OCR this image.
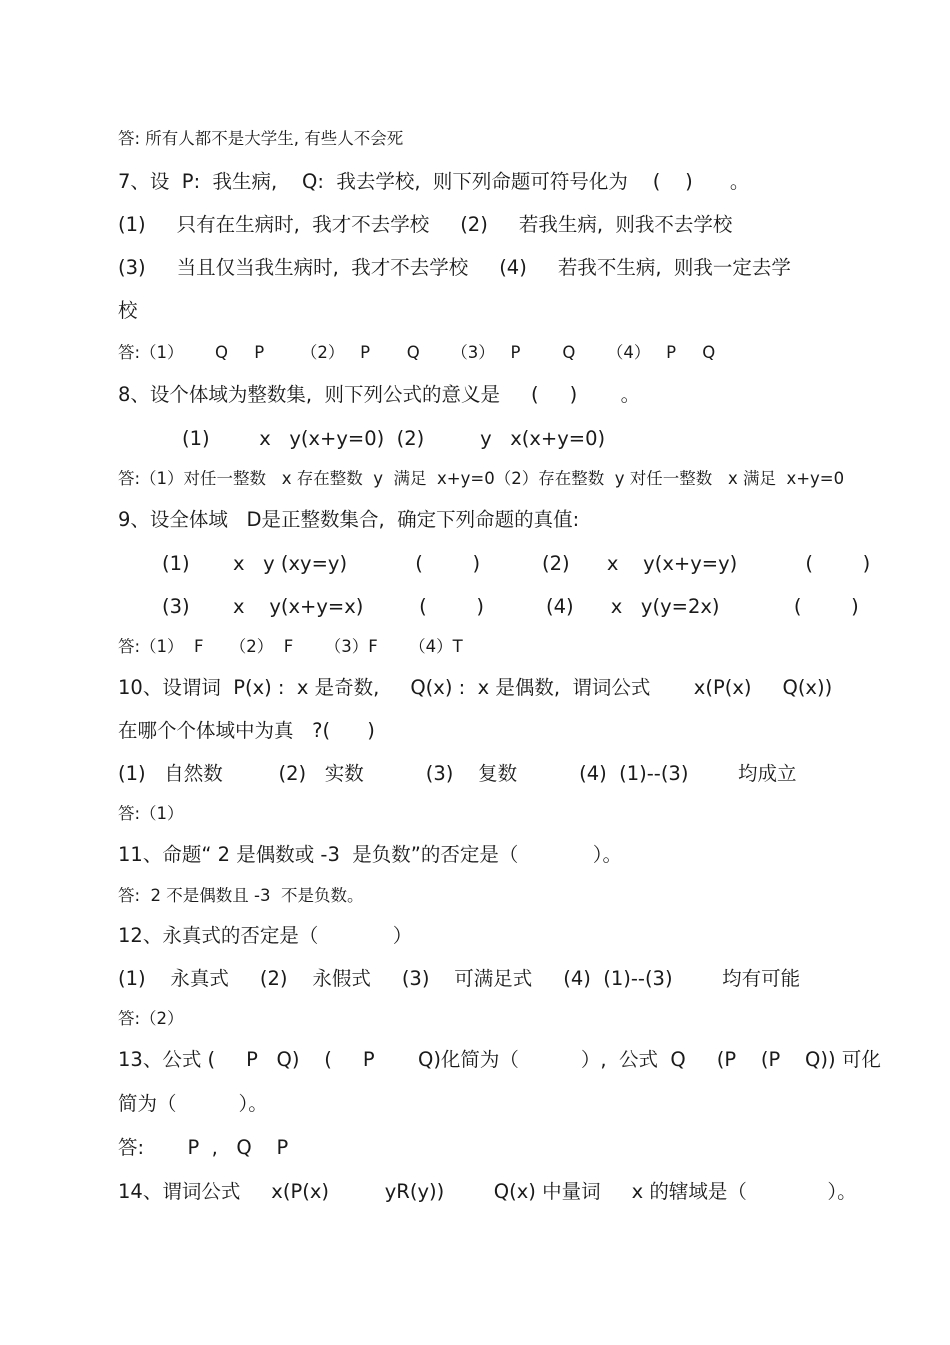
答: 所有人都不是大学生, 有些人不会死
7、设  P:  我生病,    Q:  我去学校,  则下列命题可符号化为    (    )      。
(1)     只有在生病时,  我才不去学校     (2)     若我生病,  则我不去学校
(3)     当且仅当我生病时,  我才不去学校     (4)     若我不生病,  则我一定去学
校
答:（1）      Q     P       （2）   P       Q      （3）   P        Q      （4）   P     Q
8、设个体域为整数集,  则下列公式的意义是     (     )       。
(1)        x   y(x+y=0)  (2)         y   x(x+y=0)
答:（1）对任一整数   x 存在整数  y  满足  x+y=0（2）存在整数  y 对任一整数   x 满足  x+y=0
9、设全体域   D是正整数集合,  确定下列命题的真值:
(1)       x   y (xy=y)           (        )          (2)      x    y(x+y=y)           (        )
(3)       x    y(x+y=x)         (        )          (4)      x   y(y=2x)            (        )
答:（1）  F     （2）  F      （3）F      （4）T
10、设谓词  P(x) :  x 是奇数,     Q(x) :  x 是偶数,  谓词公式       x(P(x)     Q(x))
在哪个个体域中为真   ?(      )
(1)   自然数         (2)   实数          (3)    复数          (4)  (1)--(3)        均成立
答:（1）
11、命题“ 2 是偶数或 -3  是负数”的否定是（            ）。
答:  2 不是偶数且 -3  不是负数。
12、永真式的否定是（            ）
(1)    永真式     (2)    永假式     (3)    可满足式     (4)  (1)--(3)        均有可能
答:（2）
13、公式 (     P   Q)    (     P       Q)化简为（          ）,  公式  Q     (P    (P    Q)) 可化
简为（          ）。
答:       P  ,   Q    P
14、谓词公式     x(P(x)         yR(y))        Q(x) 中量词     x 的辖域是（             ）。
